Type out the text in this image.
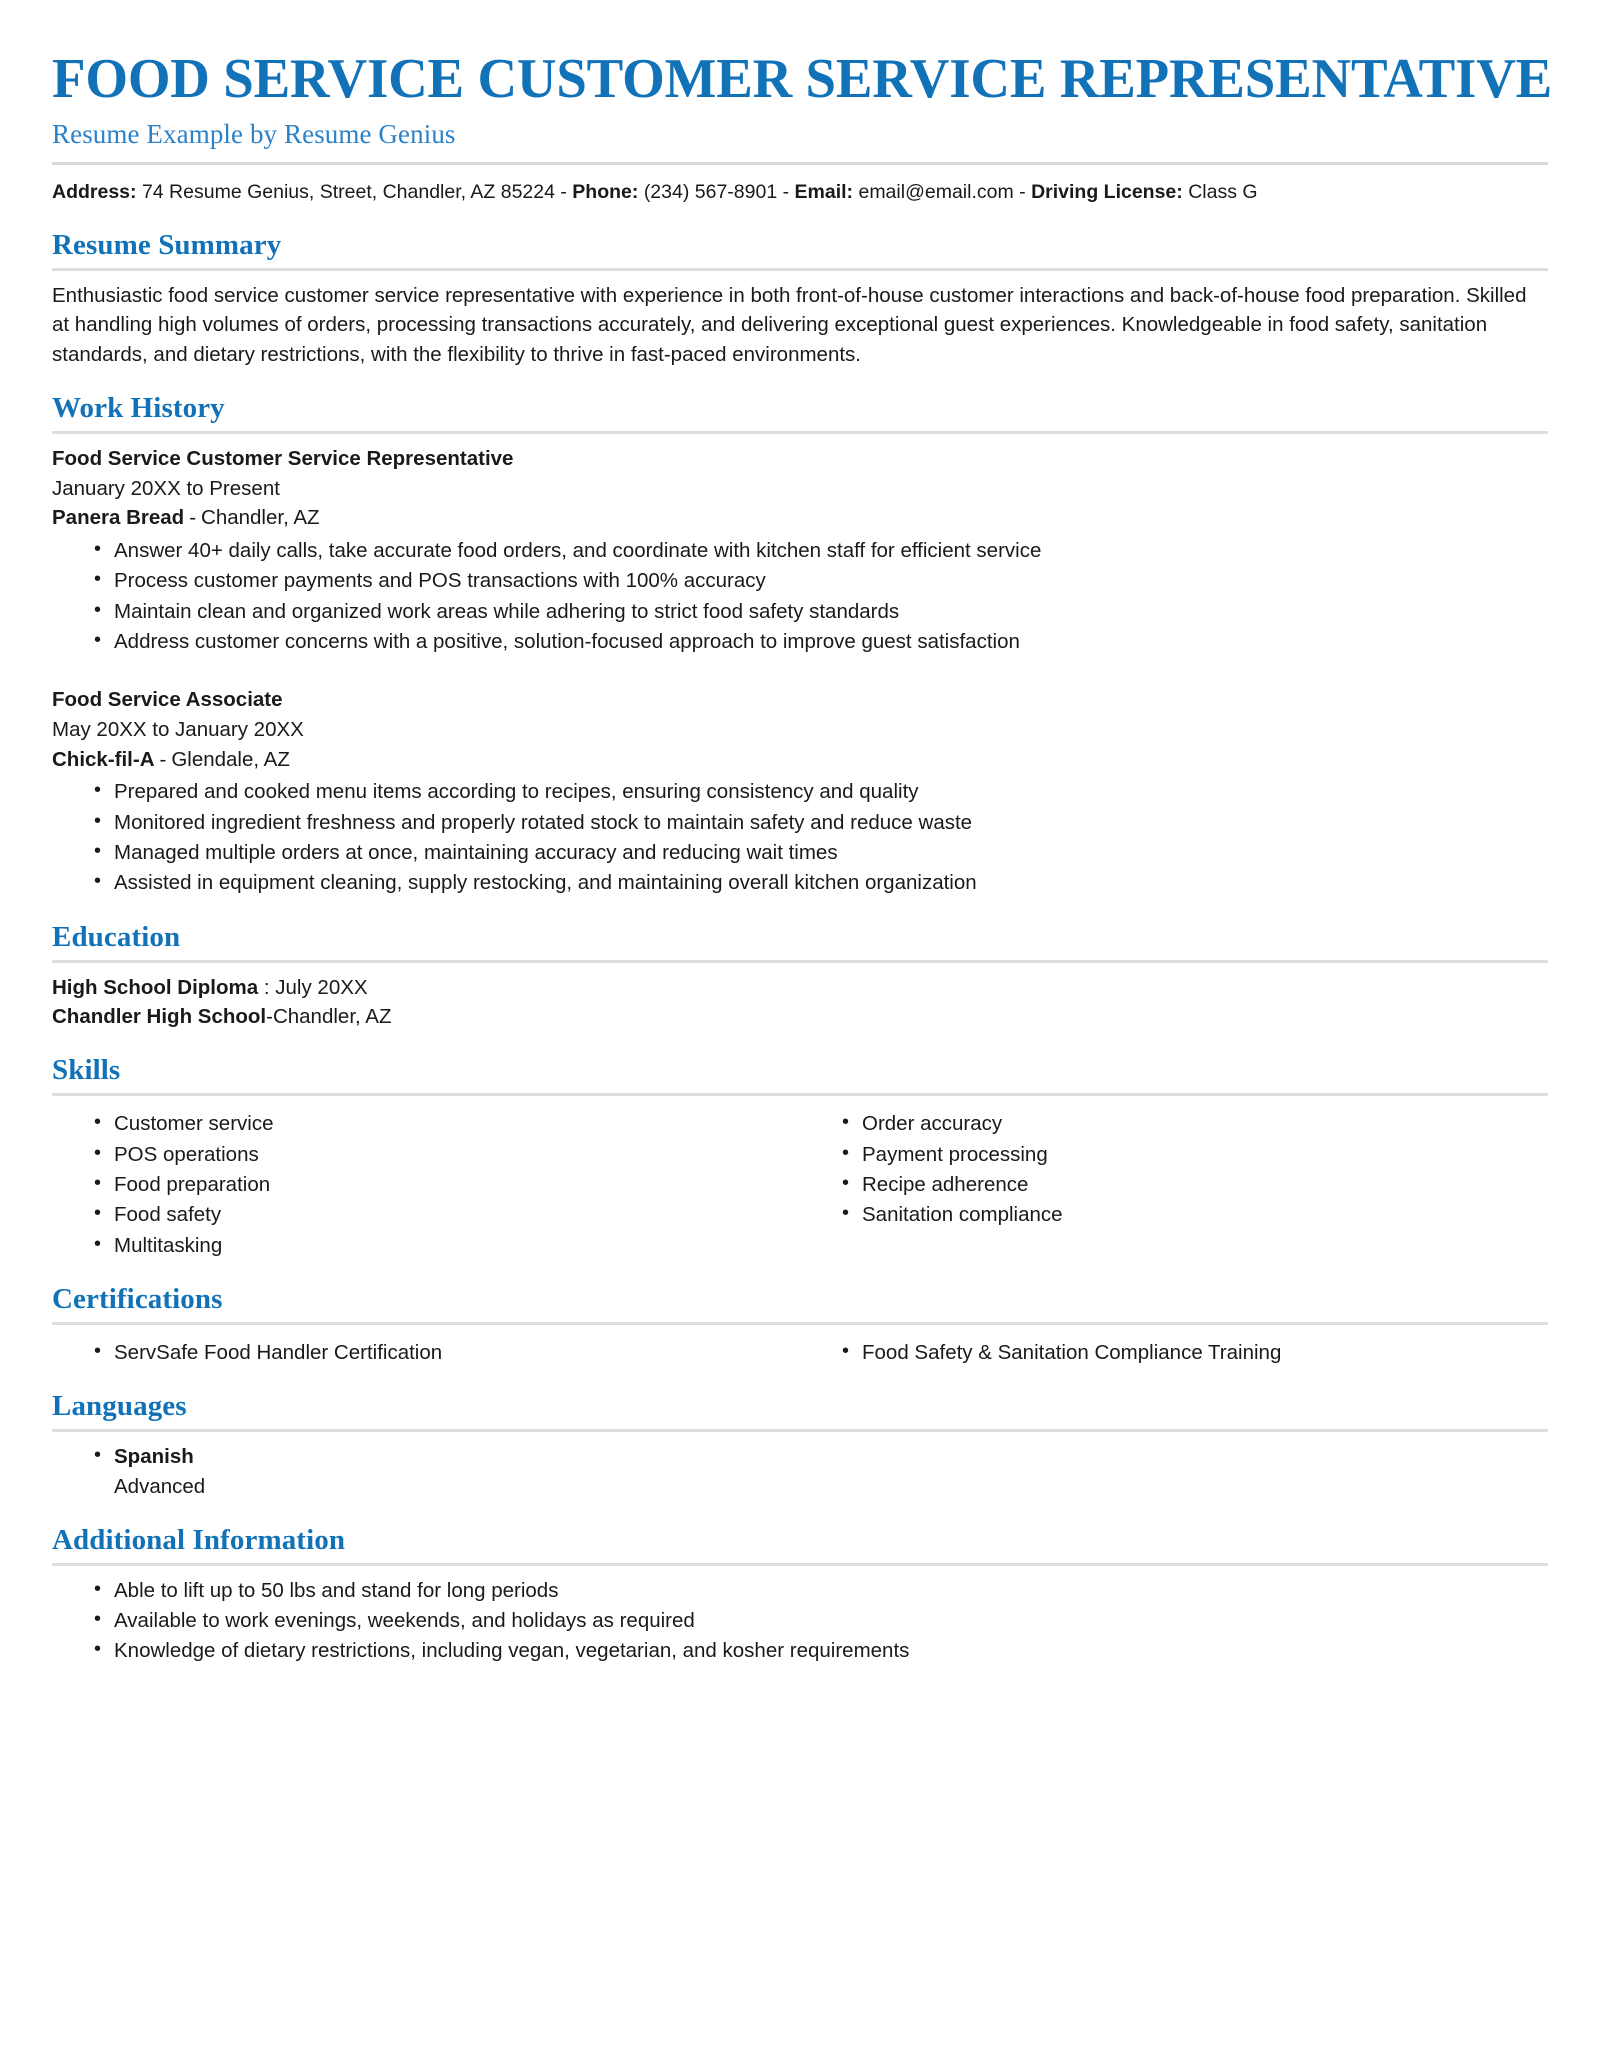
FOOD SERVICE CUSTOMER SERVICE REPRESENTATIVE
Resume Example by Resume Genius
Address: 74 Resume Genius, Street, Chandler, AZ 85224 - Phone: (234) 567-8901 - Email: email@email.com - Driving License: Class G
Resume Summary

Enthusiastic food service customer service representative with experience in both front-of-house customer interactions and back-of-house food preparation. Skilled at handling high volumes of orders, processing transactions accurately, and delivering exceptional guest experiences. Knowledgeable in food safety, sanitation standards, and dietary restrictions, with the flexibility to thrive in fast-paced environments.

Work History
Food Service Customer Service Representative
January 20XX to Present
Panera Bread - Chandler, AZ
• Answer 40+ daily calls, take accurate food orders, and coordinate with kitchen staff for efficient service
• Process customer payments and POS transactions with 100% accuracy
• Maintain clean and organized work areas while adhering to strict food safety standards
• Address customer concerns with a positive, solution-focused approach to improve guest satisfaction
Food Service Associate
May 20XX to January 20XX
Chick-fil-A - Glendale, AZ
• Prepared and cooked menu items according to recipes, ensuring consistency and quality
• Monitored ingredient freshness and properly rotated stock to maintain safety and reduce waste
• Managed multiple orders at once, maintaining accuracy and reducing wait times
• Assisted in equipment cleaning, supply restocking, and maintaining overall kitchen organization
Education
High School Diploma : July 20XX
Chandler High School-Chandler, AZ
Skills
• Customer service
• POS operations
• Food preparation
• Food safety
• Multitasking
• Order accuracy
• Payment processing
• Recipe adherence
• Sanitation compliance
Certifications
• ServSafe Food Handler Certification	• Food Safety & Sanitation Compliance Training
Languages
• Spanish
Advanced
Additional Information
• Able to lift up to 50 lbs and stand for long periods
• Available to work evenings, weekends, and holidays as required
• Knowledge of dietary restrictions, including vegan, vegetarian, and kosher requirements
